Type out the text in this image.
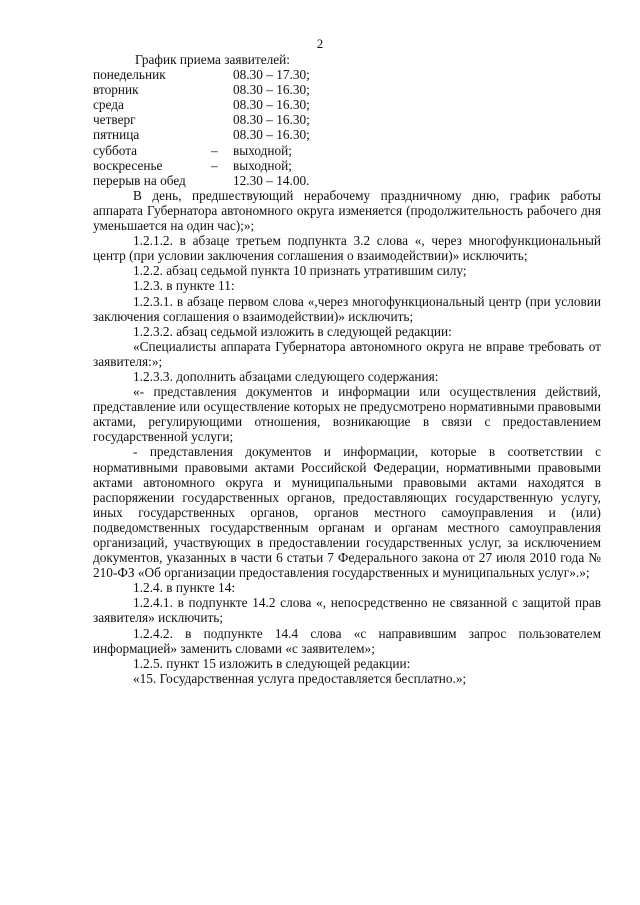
2
График приема заявителей:
понедельник		08.30 – 17.30;
вторник		08.30 – 16.30;
среда		08.30 – 16.30;
четверг		08.30 – 16.30;
пятница		08.30 – 16.30;
суббота	–	выходной;
воскресенье	–	выходной;
перерыв на обед		12.30 – 14.00.

В день, предшествующий нерабочему праздничному дню, график работы аппарата Губернатора автономного округа изменяется (продолжительность рабочего дня уменьшается на один час);»;

1.2.1.2. в абзаце третьем подпункта 3.2 слова «, через многофункциональный центр (при условии заключения соглашения о взаимодействии)» исключить;

1.2.2. абзац седьмой пункта 10 признать утратившим силу;

1.2.3. в пункте 11:

1.2.3.1. в абзаце первом слова «,через многофункциональный центр (при условии заключения соглашения о взаимодействии)» исключить;

1.2.3.2. абзац седьмой изложить в следующей редакции:

«Специалисты аппарата Губернатора автономного округа не вправе требовать от заявителя:»;

1.2.3.3. дополнить абзацами следующего содержания:

«- представления документов и информации или осуществления действий, представление или осуществление которых не предусмотрено нормативными правовыми актами, регулирующими отношения, возникающие в связи с предоставлением государственной услуги;

- представления документов и информации, которые в соответствии с нормативными правовыми актами Российской Федерации, нормативными правовыми актами автономного округа и муниципальными правовыми актами находятся в распоряжении государственных органов, предоставляющих государственную услугу, иных государственных органов, органов местного самоуправления и (или) подведомственных государственным органам и органам местного самоуправления организаций, участвующих в предоставлении государственных услуг, за исключением документов, указанных в части 6 статьи 7 Федерального закона от 27 июля 2010 года № 210-ФЗ «Об организации предоставления государственных и муниципальных услуг».»;

1.2.4. в пункте 14:

1.2.4.1. в подпункте 14.2 слова «, непосредственно не связанной с защитой прав заявителя» исключить;

1.2.4.2. в подпункте 14.4 слова «с направившим запрос пользователем информацией» заменить словами «с заявителем»;

1.2.5. пункт 15 изложить в следующей редакции:

«15. Государственная услуга предоставляется бесплатно.»;
